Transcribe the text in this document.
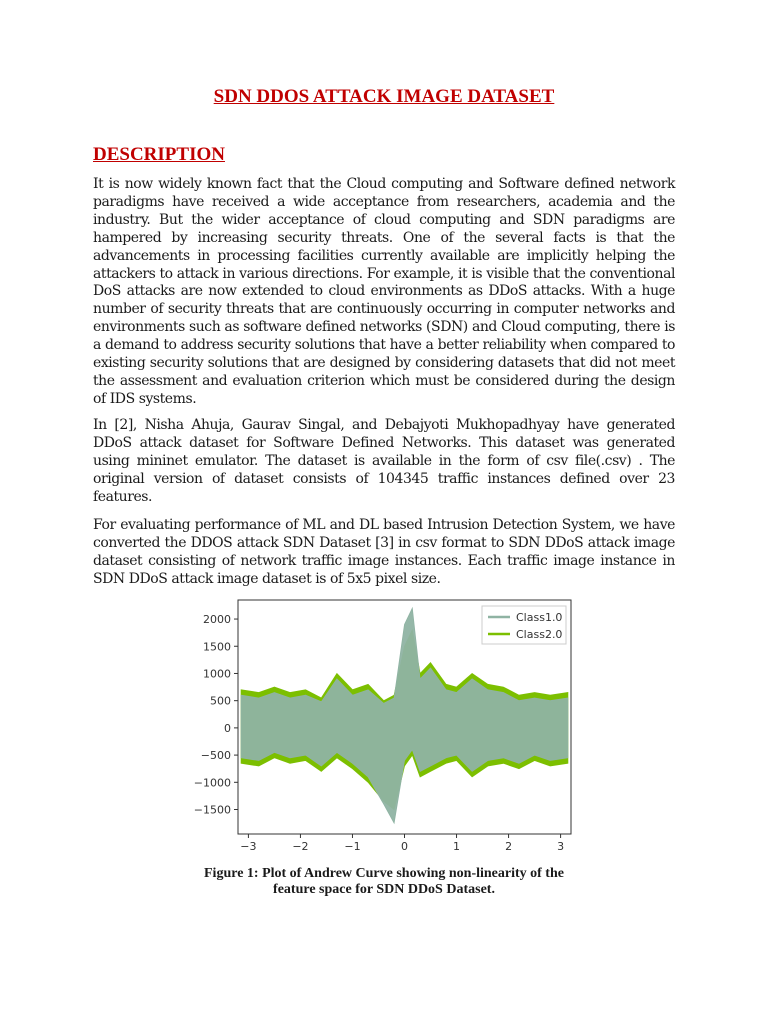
SDN DDOS ATTACK IMAGE DATASET
DESCRIPTION

It is now widely known fact that the Cloud computing and Software defined network paradigms have received a wide acceptance from researchers, academia and the industry. But the wider acceptance of cloud computing and SDN paradigms are hampered by increasing security threats. One of the several facts is that the advancements in processing facilities currently available are implicitly helping the attackers to attack in various directions. For example, it is visible that the conventional DoS attacks are now extended to cloud environments as DDoS attacks. With a huge number of security threats that are continuously occurring in computer networks and environments such as software defined networks (SDN) and Cloud computing, there is a demand to address security solutions that have a better reliability when compared to existing security solutions that are designed by considering datasets that did not meet the assessment and evaluation criterion which must be considered during the design of IDS systems.

In [2], Nisha Ahuja, Gaurav Singal, and Debajyoti Mukhopadhyay have generated DDoS attack dataset for Software Defined Networks. This dataset was generated using mininet emulator. The dataset is available in the form of csv file(.csv) . The original version of dataset consists of 104345 traffic instances defined over 23 features.

For evaluating performance of ML and DL based Intrusion Detection System, we have converted the DDOS attack SDN Dataset [3] in csv format to SDN DDoS attack image dataset consisting of network traffic image instances. Each traffic image instance in SDN DDoS attack image dataset is of 5x5 pixel size.

−3	−2	−1	0	1	2	3
2000
1500
1000
500
0
−500
−1000
−1500
Class1.0
Class2.0
Figure 1: Plot of Andrew Curve showing non-linearity of the
feature space for SDN DDoS Dataset.
